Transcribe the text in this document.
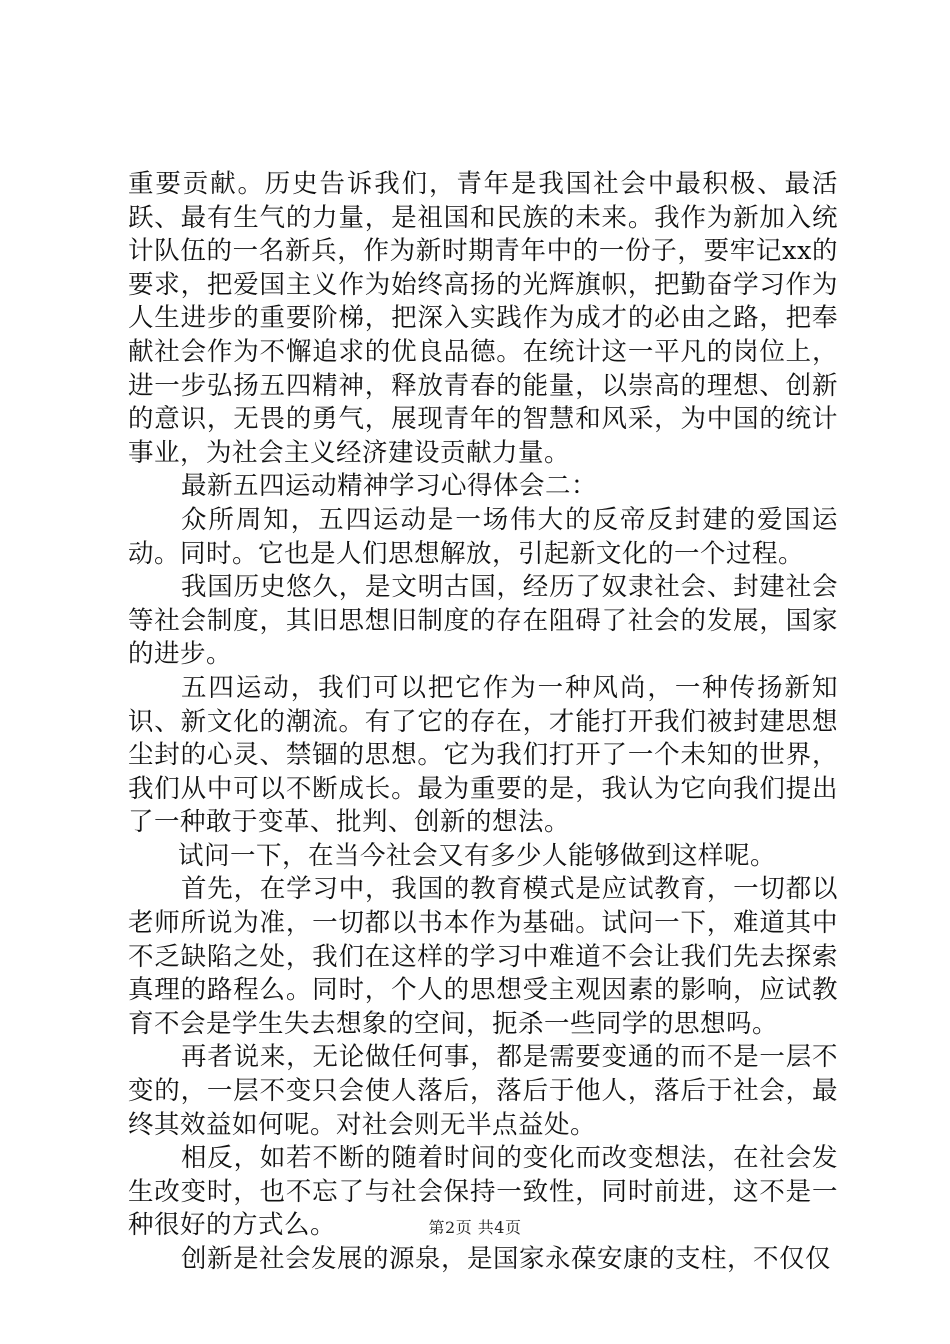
重要贡献。历史告诉我们，青年是我国社会中最积极、最活跃、最有生气的力量，是祖国和民族的未来。我作为新加入统计队伍的一名新兵，作为新时期青年中的一份子，要牢记xx的要求，把爱国主义作为始终高扬的光辉旗帜，把勤奋学习作为人生进步的重要阶梯，把深入实践作为成才的必由之路，把奉献社会作为不懈追求的优良品德。在统计这一平凡的岗位上，进一步弘扬五四精神，释放青春的能量，以崇高的理想、创新的意识，无畏的勇气，展现青年的智慧和风采，为中国的统计事业，为社会主义经济建设贡献力量。

最新五四运动精神学习心得体会二：

众所周知，五四运动是一场伟大的反帝反封建的爱国运动。同时。它也是人们思想解放，引起新文化的一个过程。

我国历史悠久，是文明古国，经历了奴隶社会、封建社会等社会制度，其旧思想旧制度的存在阻碍了社会的发展，国家的进步。

五四运动，我们可以把它作为一种风尚，一种传扬新知识、新文化的潮流。有了它的存在，才能打开我们被封建思想尘封的心灵、禁锢的思想。它为我们打开了一个未知的世界，我们从中可以不断成长。最为重要的是，我认为它向我们提出了一种敢于变革、批判、创新的想法。

试问一下，在当今社会又有多少人能够做到这样呢。

首先，在学习中，我国的教育模式是应试教育，一切都以老师所说为准，一切都以书本作为基础。试问一下，难道其中不乏缺陷之处，我们在这样的学习中难道不会让我们先去探索真理的路程么。同时，个人的思想受主观因素的影响，应试教育不会是学生失去想象的空间，扼杀一些同学的思想吗。

再者说来，无论做任何事，都是需要变通的而不是一层不变的，一层不变只会使人落后，落后于他人，落后于社会，最终其效益如何呢。对社会则无半点益处。

相反，如若不断的随着时间的变化而改变想法，在社会发生改变时，也不忘了与社会保持一致性，同时前进，这不是一种很好的方式么。

创新是社会发展的源泉，是国家永葆安康的支柱，不仅仅

第2页 共4页
